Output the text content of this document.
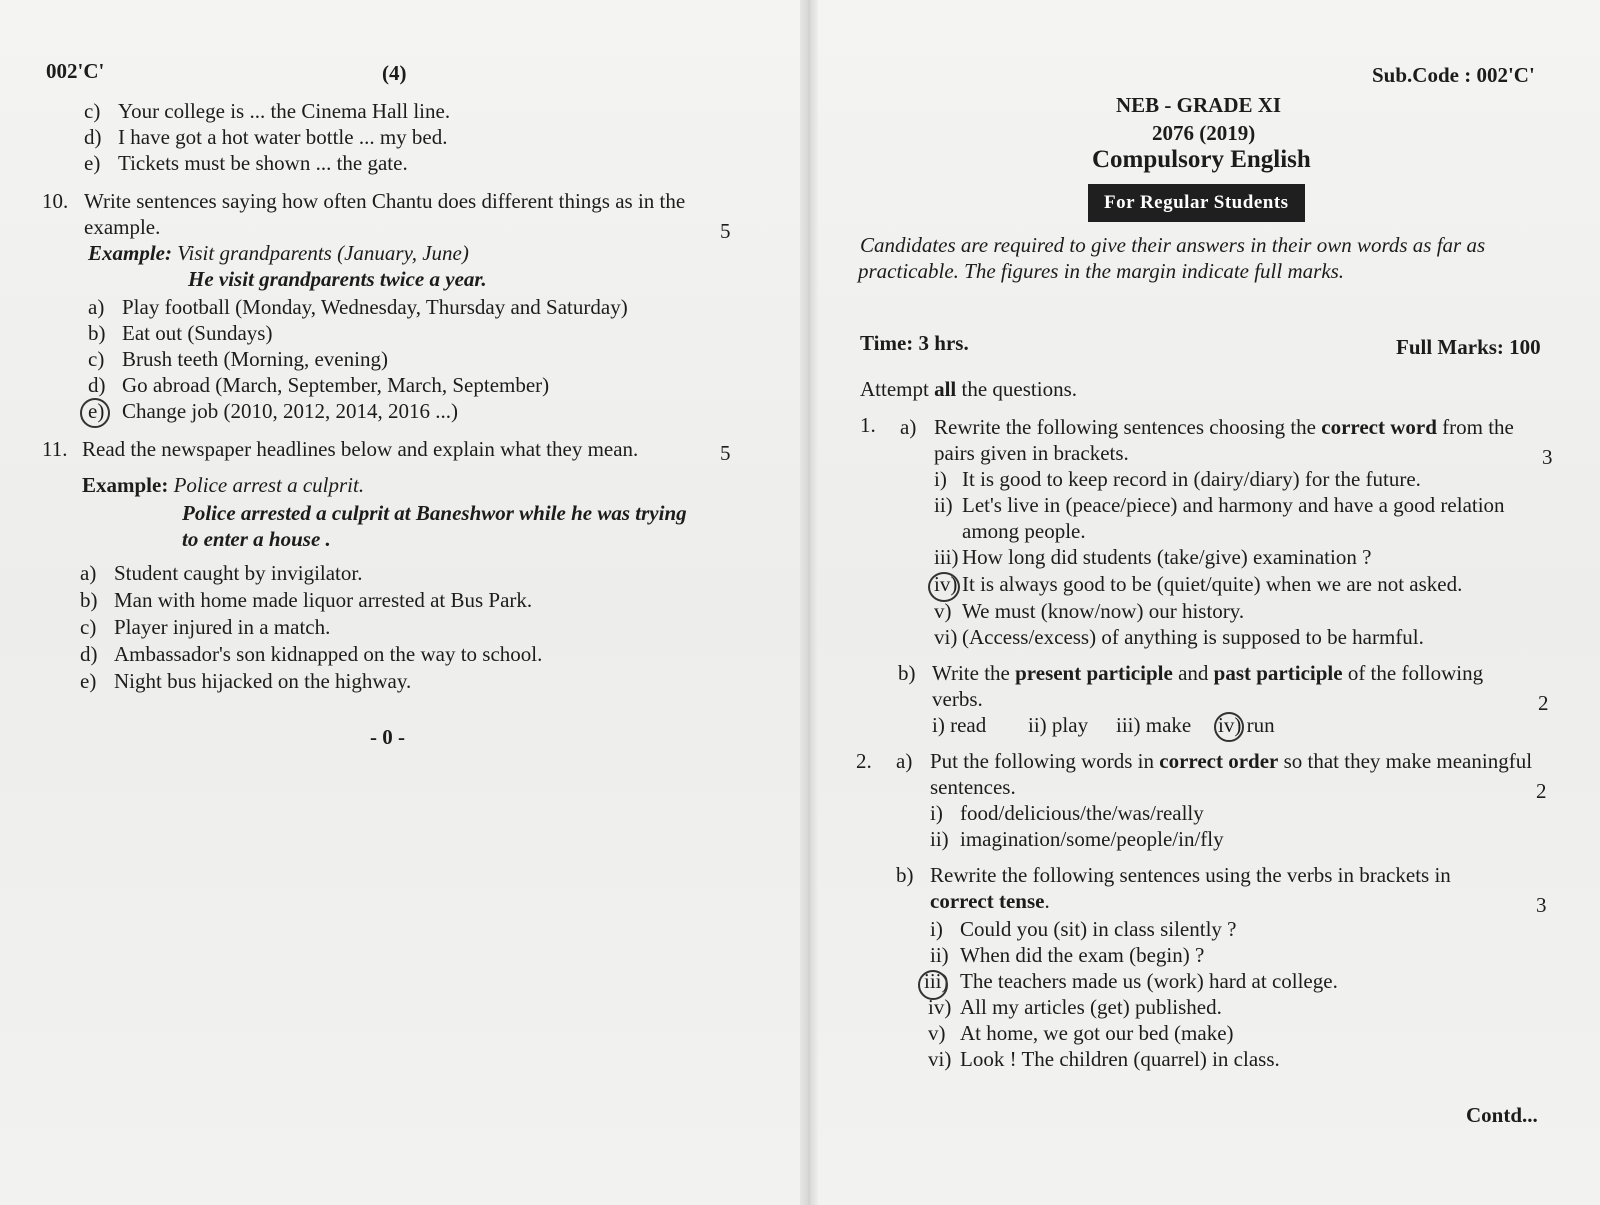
002'C'	(4)
c) Your college is ... the Cinema Hall line.
d) I have got a hot water bottle ... my bed.
e) Tickets must be shown ... the gate.
10. Write sentences saying how often Chantu does different things as in the
example.	5
Example: Visit grandparents (January, June)
He visit grandparents twice a year.
a) Play football (Monday, Wednesday, Thursday and Saturday)
b) Eat out (Sundays)
c) Brush teeth (Morning, evening)
d) Go abroad (March, September, March, September)
e) Change job (2010, 2012, 2014, 2016 ...)
11. Read the newspaper headlines below and explain what they mean.	5
Example: Police arrest a culprit.
Police arrested a culprit at Baneshwor while he was trying
to enter a house .
a) Student caught by invigilator.
b) Man with home made liquor arrested at Bus Park.
c) Player injured in a match.
d) Ambassador's son kidnapped on the way to school.
e) Night bus hijacked on the highway.
- 0 -
Sub.Code : 002'C'
NEB - GRADE XI
2076 (2019)
Compulsory English
For Regular Students
Candidates are required to give their answers in their own words as far as
practicable. The figures in the margin indicate full marks.
Time: 3 hrs.	Full Marks: 100
Attempt all the questions.
1. a) Rewrite the following sentences choosing the correct word from the
pairs given in brackets.	3
i) It is good to keep record in (dairy/diary) for the future.
ii) Let's live in (peace/piece) and harmony and have a good relation
among people.
iii) How long did students (take/give) examination ?
iv) It is always good to be (quiet/quite) when we are not asked.
v) We must (know/now) our history.
vi) (Access/excess) of anything is supposed to be harmful.
b) Write the present participle and past participle of the following
verbs.	2
i) read ii) play iii) make iv) run
2. a) Put the following words in correct order so that they make meaningful
sentences.	2
i) food/delicious/the/was/really
ii) imagination/some/people/in/fly
b) Rewrite the following sentences using the verbs in brackets in
correct tense.	3
i) Could you (sit) in class silently ?
ii) When did the exam (begin) ?
iii) The teachers made us (work) hard at college.
iv) All my articles (get) published.
v) At home, we got our bed (make)
vi) Look ! The children (quarrel) in class.
Contd...
